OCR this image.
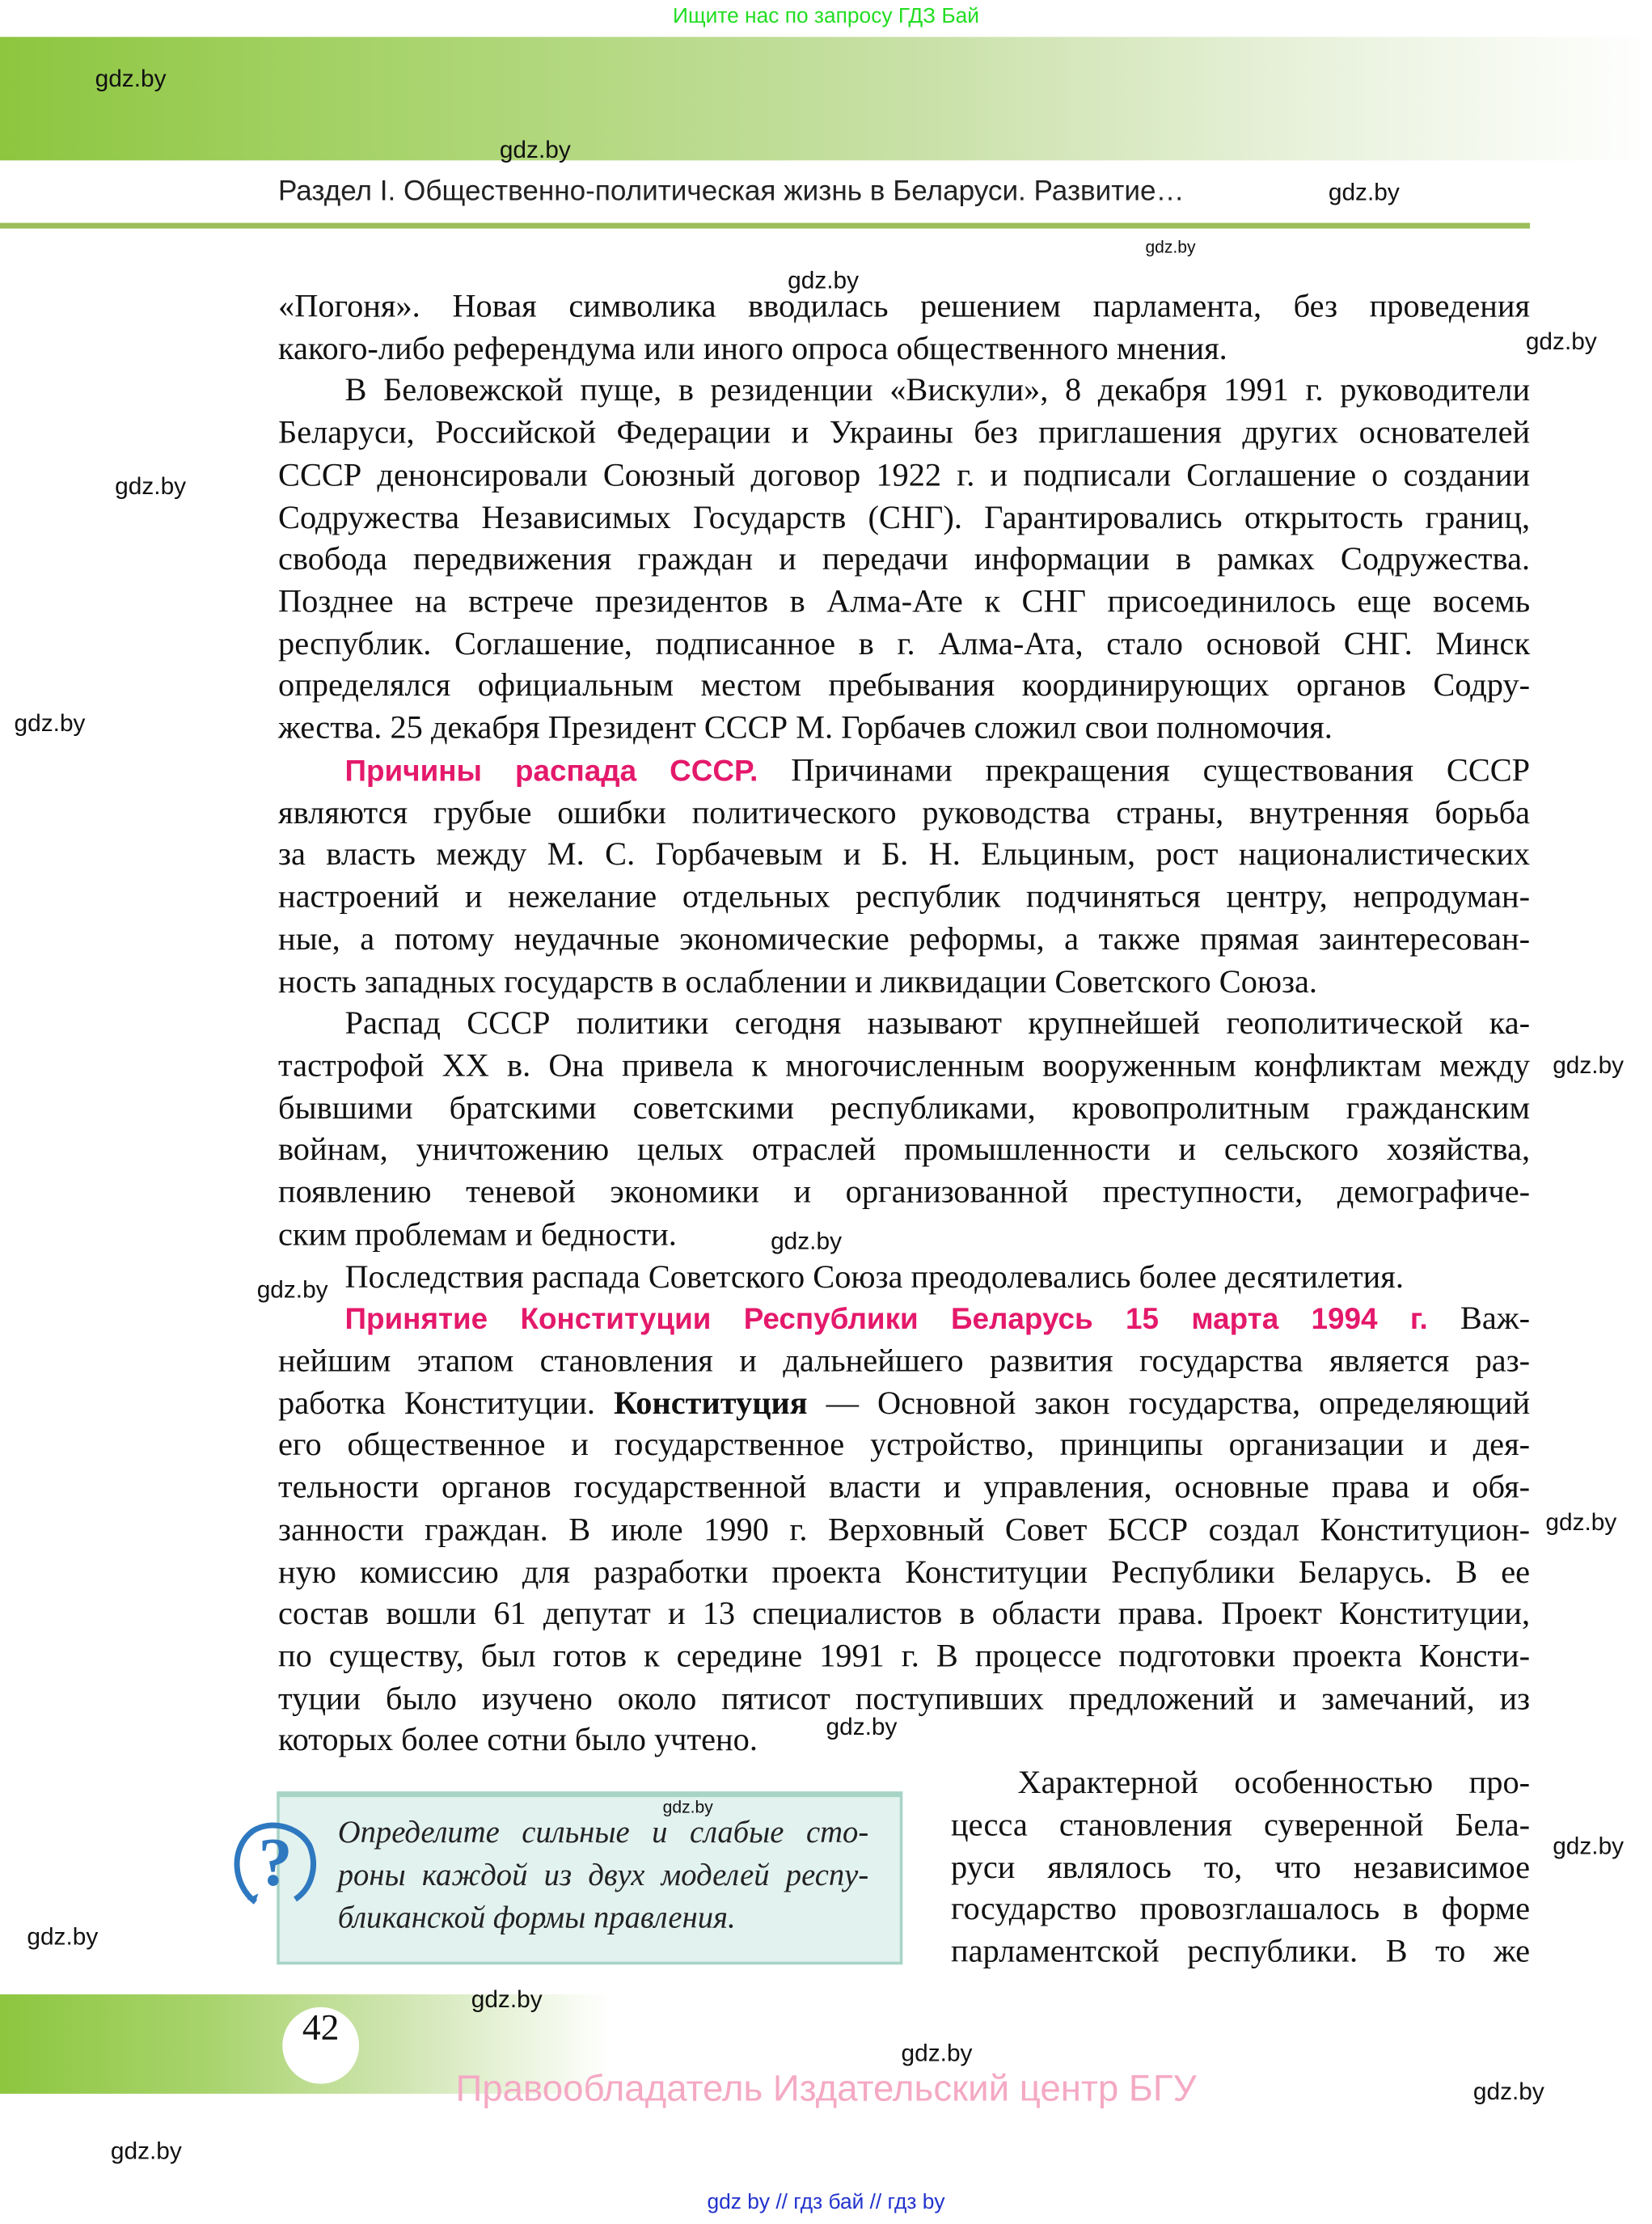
Ищите нас по запросу ГДЗ Бай
Раздел I. Общественно-политическая жизнь в Беларуси. Развитие…
«Погоня». Новая символика вводилась решением парламента, без проведения
какого-либо референдума или иного опроса общественного мнения.
В Беловежской пуще, в резиденции «Вискули», 8 декабря 1991 г. руководители
Беларуси, Российской Федерации и Украины без приглашения других основателей
СССР денонсировали Союзный договор 1922 г. и подписали Соглашение о создании
Содружества Независимых Государств (СНГ). Гарантировались открытость границ,
свобода передвижения граждан и передачи информации в рамках Содружества.
Позднее на встрече президентов в Алма-Ате к СНГ присоединилось еще восемь
республик. Соглашение, подписанное в г. Алма-Ата, стало основой СНГ. Минск
определялся официальным местом пребывания координирующих органов Содру-
жества. 25 декабря Президент СССР М. Горбачев сложил свои полномочия.
Причины распада СССР. Причинами прекращения существования СССР
являются грубые ошибки политического руководства страны, внутренняя борьба
за власть между М. С. Горбачевым и Б. Н. Ельциным, рост националистических
настроений и нежелание отдельных республик подчиняться центру, непродуман-
ные, а потому неудачные экономические реформы, а также прямая заинтересован-
ность западных государств в ослаблении и ликвидации Советского Союза.
Распад СССР политики сегодня называют крупнейшей геополитической ка-
тастрофой XX в. Она привела к многочисленным вооруженным конфликтам между
бывшими братскими советскими республиками, кровопролитным гражданским
войнам, уничтожению целых отраслей промышленности и сельского хозяйства,
появлению теневой экономики и организованной преступности, демографиче-
ским проблемам и бедности.
Последствия распада Советского Союза преодолевались более десятилетия.
Принятие Конституции Республики Беларусь 15 марта 1994 г. Важ-
нейшим этапом становления и дальнейшего развития государства является раз-
работка Конституции. Конституция — Основной закон государства, определяющий
его общественное и государственное устройство, принципы организации и дея-
тельности органов государственной власти и управления, основные права и обя-
занности граждан. В июле 1990 г. Верховный Совет БССР создал Конституцион-
ную комиссию для разработки проекта Конституции Республики Беларусь. В ее
состав вошли 61 депутат и 13 специалистов в области права. Проект Конституции,
по существу, был готов к середине 1991 г. В процессе подготовки проекта Консти-
туции было изучено около пятисот поступивших предложений и замечаний, из
которых более сотни было учтено.
Характерной особенностью про-
цесса становления суверенной Бела-
руси являлось то, что независимое
государство провозглашалось в форме
парламентской республики. В то же
?	Определите сильные и слабые сто-
роны каждой из двух моделей респу-
бликанской формы правления.
42
Правообладатель Издательский центр БГУ
gdz by // гдз бай // гдз by
gdz.by
gdz.by
gdz.by
gdz.by
gdz.by
gdz.by
gdz.by
gdz.by
gdz.by
gdz.by
gdz.by
gdz.by
gdz.by
gdz.by
gdz.by
gdz.by
gdz.by
gdz.by
gdz.by
gdz.by
